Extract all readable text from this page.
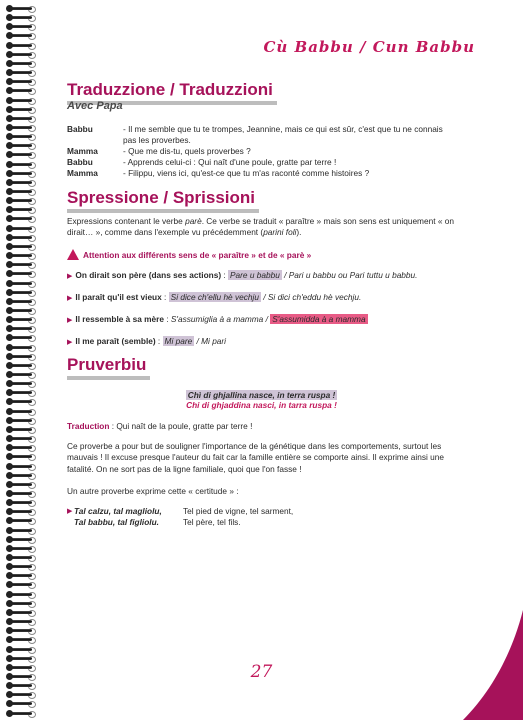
Cù Babbu / Cun Babbu
Traduzzione / Traduzzioni
Avec Papa
Babbu	- Il me semble que tu te trompes, Jeannine, mais ce qui est sûr, c'est que tu ne connais pas les proverbes.
Mamma	- Que me dis-tu, quels proverbes ?
Babbu	- Apprends celui-ci : Qui naît d'une poule, gratte par terre !
Mamma	- Filippu, viens ici, qu'est-ce que tu m'as raconté comme histoires ?
Spressione / Sprissioni
Expressions contenant le verbe parè. Ce verbe se traduit « paraître » mais son sens est uniquement « on dirait… », comme dans l'exemple vu précédemment (parini foli).
Attention aux différents sens de « paraître » et de « parè »
▶ On dirait son père (dans ses actions) : Pare u babbu / Pari u babbu ou Pari tuttu u babbu.
▶ Il paraît qu'il est vieux : Si dice ch'ellu hè vechju / Si dici ch'eddu hè vechju.
▶ Il ressemble à sa mère : S'assumiglia à a mamma / S'assumidda à a mamma
▶ Il me paraît (semble) : Mi pare / Mi pari
Pruverbiu
Chì di ghjallina nasce, in terra ruspa !
Chi di ghjaddina nasci, in tarra ruspa !
Traduction : Qui naît de la poule, gratte par terre !
Ce proverbe a pour but de souligner l'importance de la génétique dans les comportements, surtout les mauvais ! Il excuse presque l'auteur du fait car la famille entière se comporte ainsi. Il exprime ainsi une fatalité. On ne sort pas de la ligne familiale, quoi que l'on fasse !
Un autre proverbe exprime cette « certitude » :
▶ Tal calzu, tal magliolu,	Tel pied de vigne, tel sarment,
Tal babbu, tal figliolu.	Tel père, tel fils.
27
